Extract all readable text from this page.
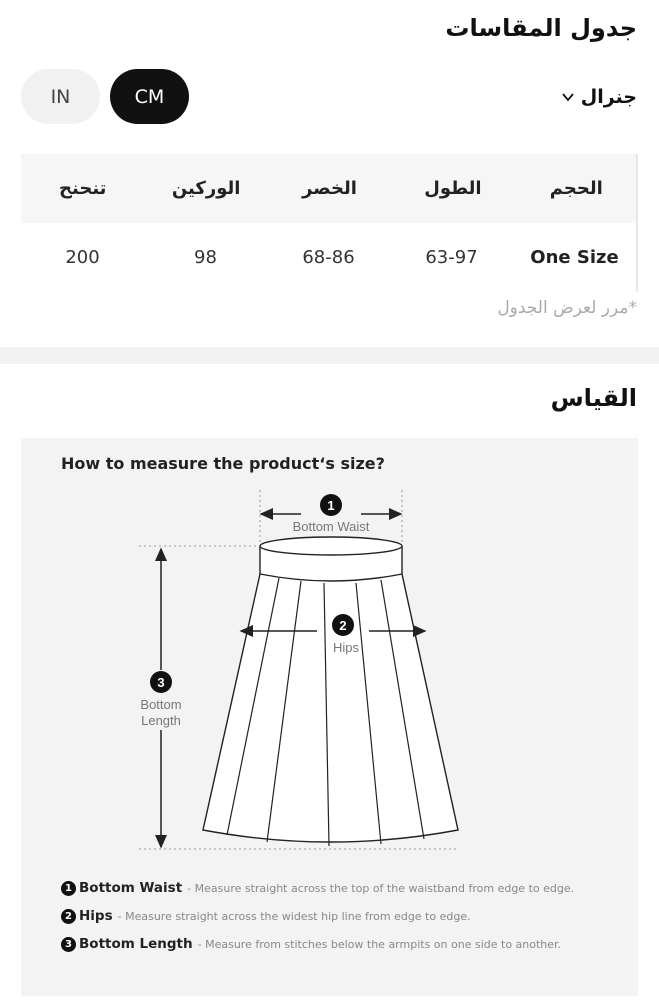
جدول المقاسات
IN	CM	جنرال
الحجم
الطول
الخصر
الوركين
تنحنح
One Size
63-97
68-86
98
200
*مرر لعرض الجدول
القياس
How to measure the product‘s size?
1
Bottom Waist
3
Bottom
Length
2
Hips
1 Bottom Waist - Measure straight across the top of the waistband from edge to edge.
2 Hips - Measure straight across the widest hip line from edge to edge.
3 Bottom Length - Measure from stitches below the armpits on one side to another.
